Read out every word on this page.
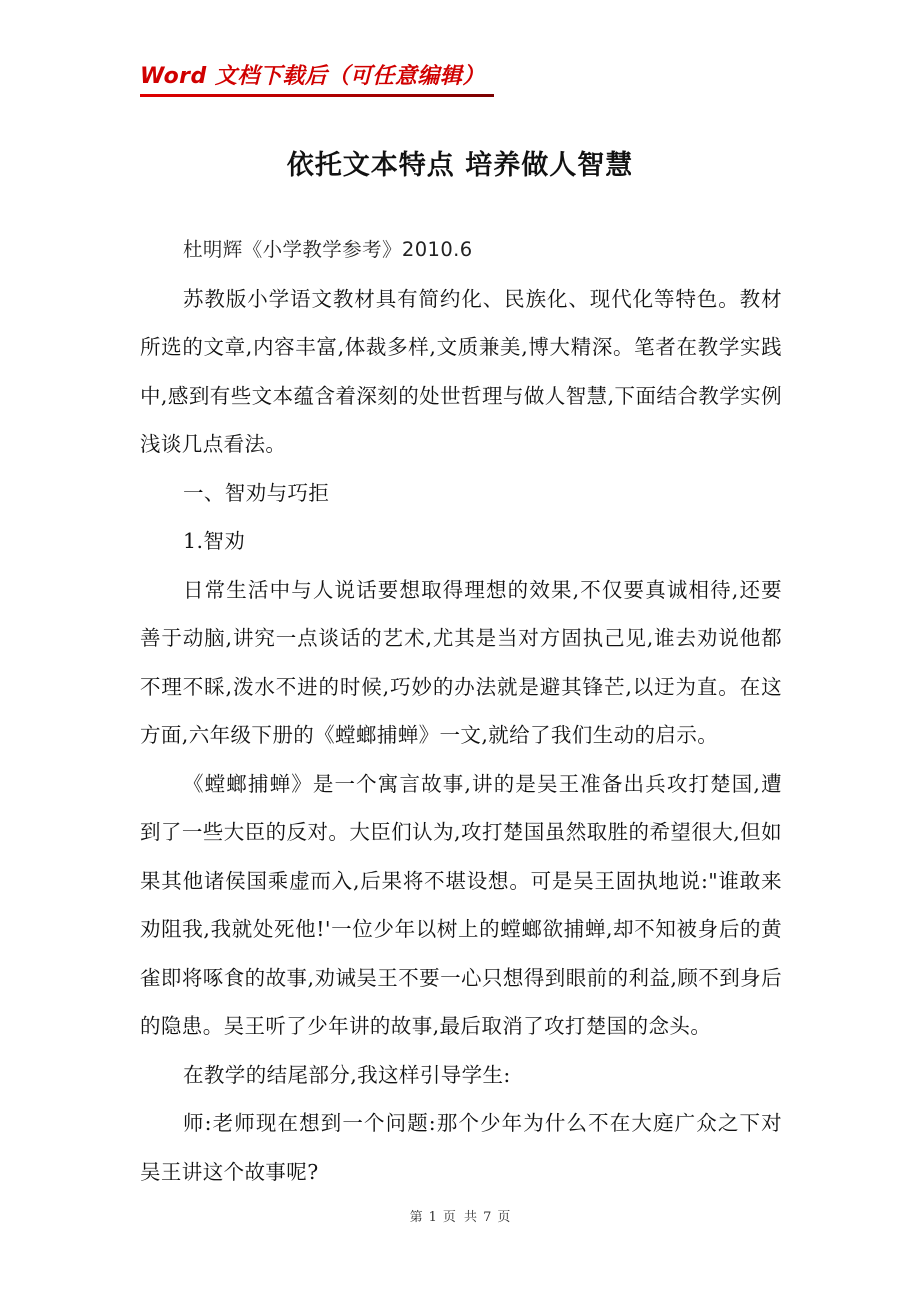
Word 文档下载后（可任意编辑）
依托文本特点 培养做人智慧

杜明辉《小学教学参考》2010.6

苏教版小学语文教材具有简约化、民族化、现代化等特色。教材所选的文章,内容丰富,体裁多样,文质兼美,博大精深。笔者在教学实践中,感到有些文本蕴含着深刻的处世哲理与做人智慧,下面结合教学实例浅谈几点看法。

一、智劝与巧拒

1.智劝

日常生活中与人说话要想取得理想的效果,不仅要真诚相待,还要善于动脑,讲究一点谈话的艺术,尤其是当对方固执己见,谁去劝说他都不理不睬,泼水不进的时候,巧妙的办法就是避其锋芒,以迂为直。在这方面,六年级下册的《螳螂捕蝉》一文,就给了我们生动的启示。

《螳螂捕蝉》是一个寓言故事,讲的是吴王准备出兵攻打楚国,遭到了一些大臣的反对。大臣们认为,攻打楚国虽然取胜的希望很大,但如果其他诸侯国乘虚而入,后果将不堪设想。可是吴王固执地说:"谁敢来劝阻我,我就处死他!'一位少年以树上的螳螂欲捕蝉,却不知被身后的黄雀即将啄食的故事,劝诫吴王不要一心只想得到眼前的利益,顾不到身后的隐患。吴王听了少年讲的故事,最后取消了攻打楚国的念头。

在教学的结尾部分,我这样引导学生:

师:老师现在想到一个问题:那个少年为什么不在大庭广众之下对吴王讲这个故事呢?

第 1 页 共 7 页
